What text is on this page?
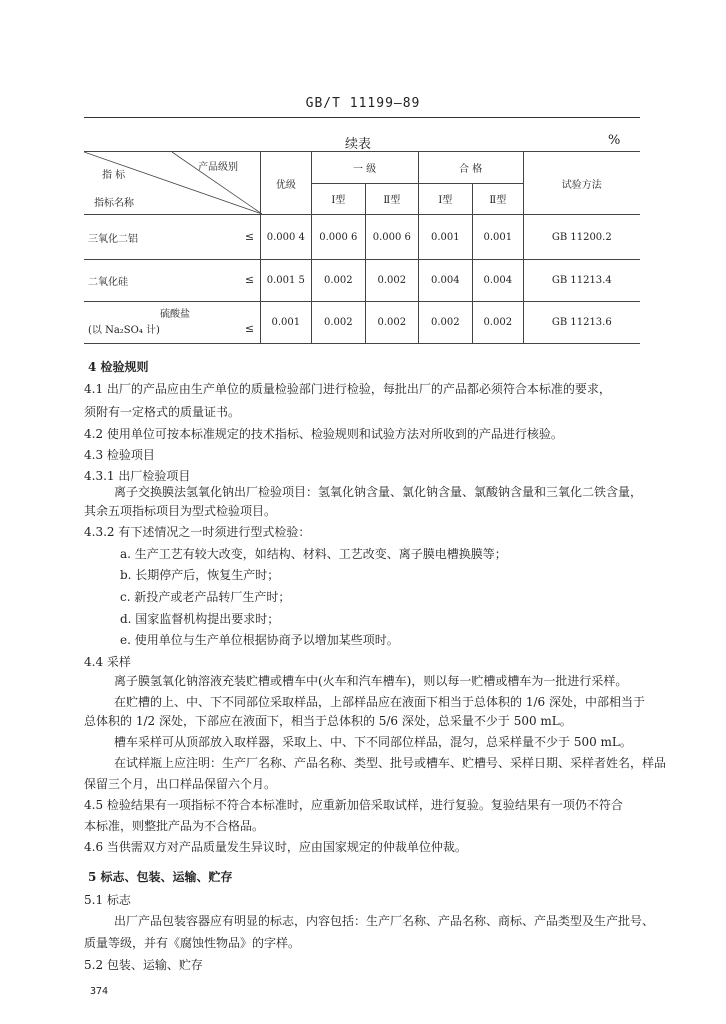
GB/T 11199—89
续表	%
产品级别
指 标
指标名称	优级	一 级		合 格		试验方法
		Ⅰ型	Ⅱ型	Ⅰ型	Ⅱ型	
三氧化二铝 ≤	0.000 4	0.000 6	0.000 6	0.001	0.001	GB 11200.2
二氧化硅 ≤	0.001 5	0.002	0.002	0.004	0.004	GB 11213.4

硫酸盐
(以 Na₂SO₄ 计) ≤	0.001	0.002	0.002	0.002	0.002	GB 11213.6
4 检验规则
4.1 出厂的产品应由生产单位的质量检验部门进行检验，每批出厂的产品都必须符合本标准的要求，
须附有一定格式的质量证书。
4.2 使用单位可按本标准规定的技术指标、检验规则和试验方法对所收到的产品进行核验。
4.3 检验项目
4.3.1 出厂检验项目
离子交换膜法氢氧化钠出厂检验项目：氢氧化钠含量、氯化钠含量、氯酸钠含量和三氧化二铁含量，
其余五项指标项目为型式检验项目。
4.3.2 有下述情况之一时须进行型式检验：
a. 生产工艺有较大改变，如结构、材料、工艺改变、离子膜电槽换膜等；
b. 长期停产后，恢复生产时；
c. 新投产或老产品转厂生产时；
d. 国家监督机构提出要求时；
e. 使用单位与生产单位根据协商予以增加某些项时。
4.4 采样
离子膜氢氧化钠溶液充装贮槽或槽车中(火车和汽车槽车)，则以每一贮槽或槽车为一批进行采样。
在贮槽的上、中、下不同部位采取样品，上部样品应在液面下相当于总体积的 1/6 深处，中部相当于
总体积的 1/2 深处，下部应在液面下，相当于总体积的 5/6 深处，总采量不少于 500 mL。
槽车采样可从顶部放入取样器，采取上、中、下不同部位样品，混匀，总采样量不少于 500 mL。
在试样瓶上应注明：生产厂名称、产品名称、类型、批号或槽车、贮槽号、采样日期、采样者姓名，样品
保留三个月，出口样品保留六个月。
4.5 检验结果有一项指标不符合本标准时，应重新加倍采取试样，进行复验。复验结果有一项仍不符合
本标准，则整批产品为不合格品。
4.6 当供需双方对产品质量发生异议时，应由国家规定的仲裁单位仲裁。
5 标志、包装、运输、贮存
5.1 标志
出厂产品包装容器应有明显的标志，内容包括：生产厂名称、产品名称、商标、产品类型及生产批号、
质量等级，并有《腐蚀性物品》的字样。
5.2 包装、运输、贮存
374
